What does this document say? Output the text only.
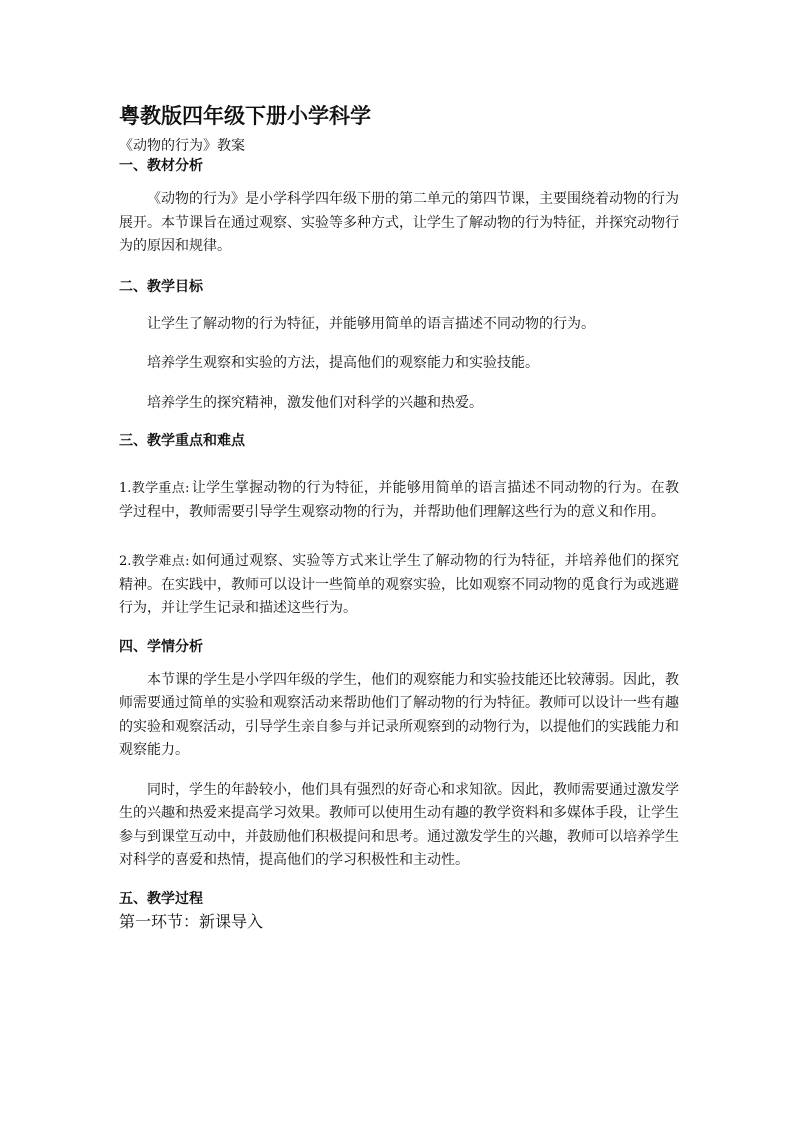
粤教版四年级下册小学科学
《动物的行为》教案
一、教材分析

《动物的行为》是小学科学四年级下册的第二单元的第四节课，主要围绕着动物的行为展开。本节课旨在通过观察、实验等多种方式，让学生了解动物的行为特征，并探究动物行为的原因和规律。

二、教学目标

让学生了解动物的行为特征，并能够用简单的语言描述不同动物的行为。

培养学生观察和实验的方法，提高他们的观察能力和实验技能。

培养学生的探究精神，激发他们对科学的兴趣和热爱。

三、教学重点和难点

1.教学重点: 让学生掌握动物的行为特征，并能够用简单的语言描述不同动物的行为。在教学过程中，教师需要引导学生观察动物的行为，并帮助他们理解这些行为的意义和作用。

2.教学难点: 如何通过观察、实验等方式来让学生了解动物的行为特征，并培养他们的探究精神。在实践中，教师可以设计一些简单的观察实验，比如观察不同动物的觅食行为或逃避行为，并让学生记录和描述这些行为。

四、学情分析

本节课的学生是小学四年级的学生，他们的观察能力和实验技能还比较薄弱。因此，教师需要通过简单的实验和观察活动来帮助他们了解动物的行为特征。教师可以设计一些有趣的实验和观察活动，引导学生亲自参与并记录所观察到的动物行为，以提他们的实践能力和观察能力。

同时，学生的年龄较小，他们具有强烈的好奇心和求知欲。因此，教师需要通过激发学生的兴趣和热爱来提高学习效果。教师可以使用生动有趣的教学资料和多媒体手段，让学生参与到课堂互动中，并鼓励他们积极提问和思考。通过激发学生的兴趣，教师可以培养学生对科学的喜爱和热情，提高他们的学习积极性和主动性。

五、教学过程
第一环节：新课导入
